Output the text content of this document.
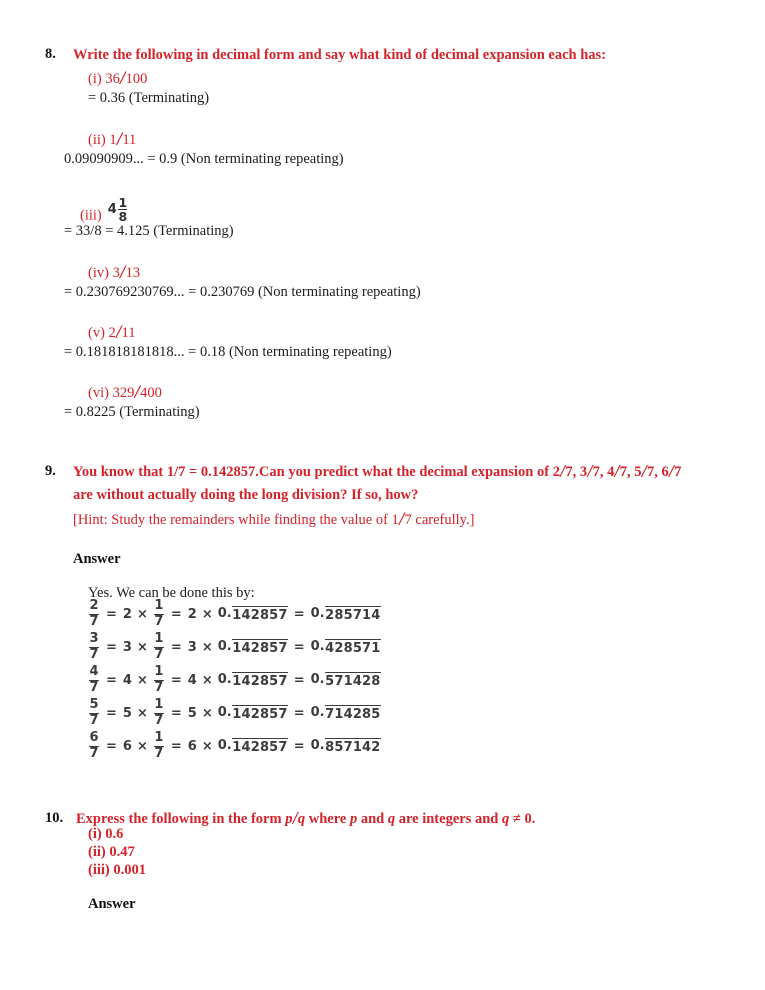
8.	Write the following in decimal form and say what kind of decimal expansion each has:
(i) 36/100
= 0.36 (Terminating)
(ii) 1/11
0.09090909... = 0.9 (Non terminating repeating)
(iii) $4 \frac{1}{8}$
= 33/8 = 4.125 (Terminating)
(iv) 3/13
= 0.230769230769... = 0.230769 (Non terminating repeating)
(v) 2/11
= 0.181818181818... = 0.18 (Non terminating repeating)
(vi) 329/400
= 0.8225 (Terminating)
9.	You know that 1/7 = 0.142857.Can you predict what the decimal expansion of 2/7, 3/7, 4/7, 5/7, 6/7 are without actually doing the long division? If so, how?
[Hint: Study the remainders while finding the value of 1/7 carefully.]
Answer
Yes. We can be done this by:
$\frac{2}{7} = 2 \times \frac{1}{7} = 2 \times 0$. 142857 = 0. 285714
$\frac{3}{7} = 3 \times \frac{1}{7} = 3 \times 0$. 142857 = 0. 428571
$\frac{4}{7} = 4 \times \frac{1}{7} = 4 \times 0$. 142857 = 0. 571428
$\frac{5}{7} = 5 \times \frac{1}{7} = 5 \times 0$. 142857 = 0. 714285
$\frac{6}{7} = 6 \times \frac{1}{7} = 6 \times 0$. 142857 = 0. 857142
10. Express the following in the form p/q where p and q are integers and q ≠ 0.
(i) 0.6
(ii) 0.47
(iii) 0.001
Answer
